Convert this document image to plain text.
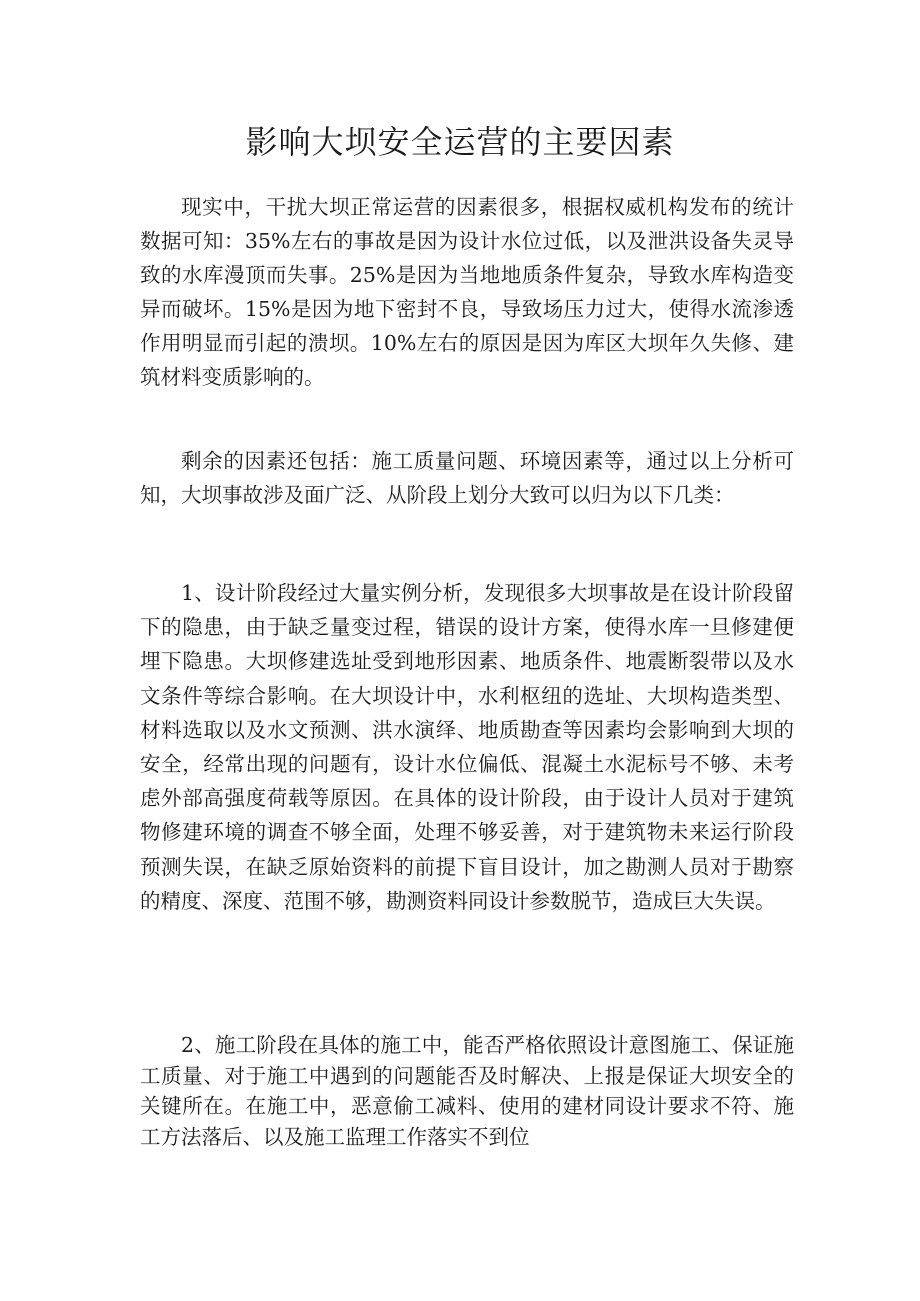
影响大坝安全运营的主要因素

现实中，干扰大坝正常运营的因素很多，根据权威机构发布的统计数据可知：35%左右的事故是因为设计水位过低，以及泄洪设备失灵导致的水库漫顶而失事。25%是因为当地地质条件复杂，导致水库构造变异而破坏。15%是因为地下密封不良，导致场压力过大，使得水流渗透作用明显而引起的溃坝。10%左右的原因是因为库区大坝年久失修、建筑材料变质影响的。

剩余的因素还包括：施工质量问题、环境因素等，通过以上分析可知，大坝事故涉及面广泛、从阶段上划分大致可以归为以下几类：

1、设计阶段经过大量实例分析，发现很多大坝事故是在设计阶段留下的隐患，由于缺乏量变过程，错误的设计方案，使得水库一旦修建便埋下隐患。大坝修建选址受到地形因素、地质条件、地震断裂带以及水文条件等综合影响。在大坝设计中，水利枢纽的选址、大坝构造类型、材料选取以及水文预测、洪水演绎、地质勘查等因素均会影响到大坝的安全，经常出现的问题有，设计水位偏低、混凝土水泥标号不够、未考虑外部高强度荷载等原因。在具体的设计阶段，由于设计人员对于建筑物修建环境的调查不够全面，处理不够妥善，对于建筑物未来运行阶段预测失误，在缺乏原始资料的前提下盲目设计，加之勘测人员对于勘察的精度、深度、范围不够，勘测资料同设计参数脱节，造成巨大失误。

2、施工阶段在具体的施工中，能否严格依照设计意图施工、保证施工质量、对于施工中遇到的问题能否及时解决、上报是保证大坝安全的关键所在。在施工中，恶意偷工减料、使用的建材同设计要求不符、施工方法落后、以及施工监理工作落实不到位
